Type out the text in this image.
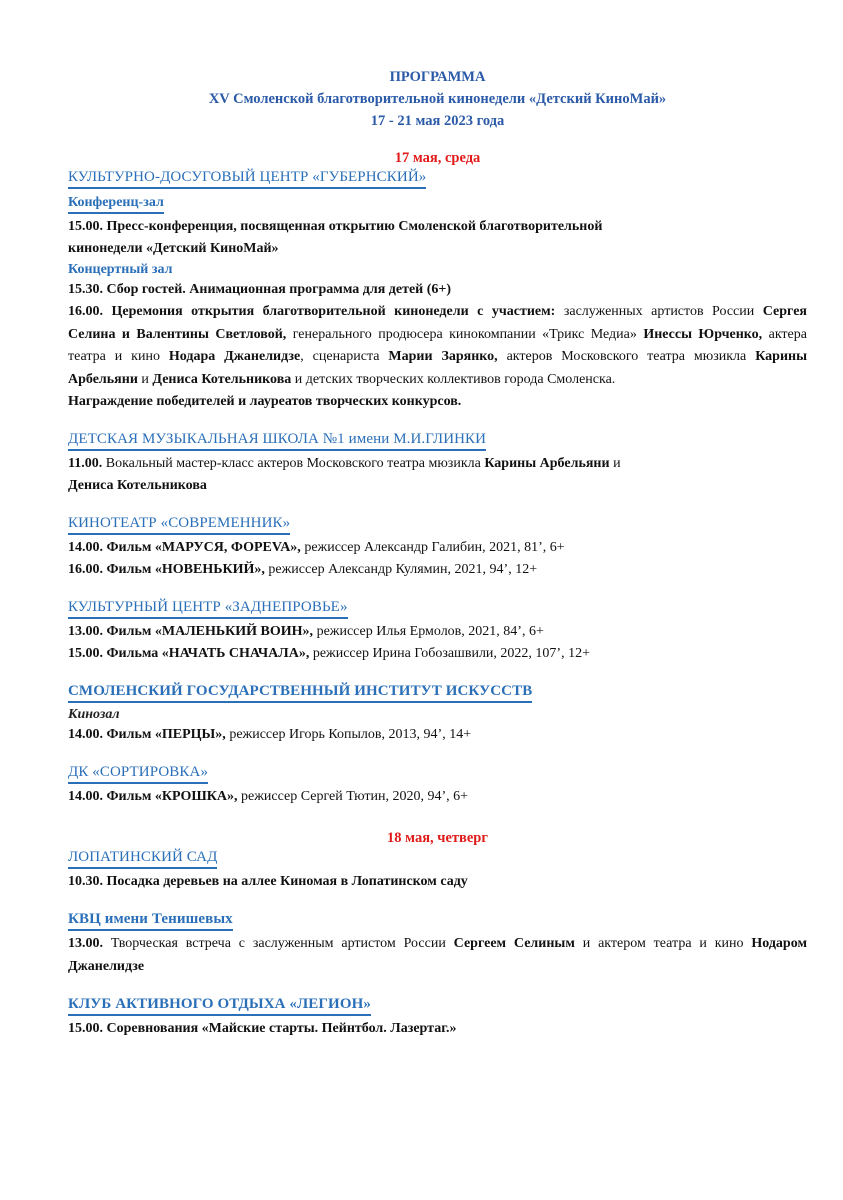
ПРОГРАММА
XV Смоленской благотворительной кинонедели «Детский КиноМай»
17 - 21 мая 2023 года
17 мая, среда
КУЛЬТУРНО-ДОСУГОВЫЙ ЦЕНТР «ГУБЕРНСКИЙ»
Конференц-зал
15.00. Пресс-конференция, посвященная открытию Смоленской благотворительной
кинонедели «Детский КиноМай»
Концертный зал
15.30. Сбор гостей. Анимационная программа для детей (6+)
16.00. Церемония открытия благотворительной кинонедели с участием: заслуженных артистов России Сергея Селина и Валентины Светловой, генерального продюсера кинокомпании «Трикс Медиа» Инессы Юрченко, актера театра и кино Нодара Джанелидзе, сценариста Марии Зарянко, актеров Московского театра мюзикла Карины Арбельяни и Дениса Котельникова и детских творческих коллективов города Смоленска.
Награждение победителей и лауреатов творческих конкурсов.
ДЕТСКАЯ МУЗЫКАЛЬНАЯ ШКОЛА №1 имени М.И.ГЛИНКИ
11.00. Вокальный мастер-класс актеров Московского театра мюзикла Карины Арбельяни и
Дениса Котельникова
КИНОТЕАТР «СОВРЕМЕННИК»
14.00. Фильм «МАРУСЯ, ФОРЕVA», режиссер Александр Галибин, 2021, 81’, 6+
16.00. Фильм «НОВЕНЬКИЙ», режиссер Александр Кулямин, 2021, 94’, 12+
КУЛЬТУРНЫЙ ЦЕНТР «ЗАДНЕПРОВЬЕ»
13.00. Фильм «МАЛЕНЬКИЙ ВОИН», режиссер Илья Ермолов, 2021, 84’, 6+
15.00. Фильма «НАЧАТЬ СНАЧАЛА», режиссер Ирина Гобозашвили, 2022, 107’, 12+
СМОЛЕНСКИЙ ГОСУДАРСТВЕННЫЙ ИНСТИТУТ ИСКУССТВ
Кинозал
14.00. Фильм «ПЕРЦЫ», режиссер Игорь Копылов, 2013, 94’, 14+
ДК «СОРТИРОВКА»
14.00. Фильм «КРОШКА», режиссер Сергей Тютин, 2020, 94’, 6+
18 мая, четверг
ЛОПАТИНСКИЙ САД
10.30. Посадка деревьев на аллее Киномая в Лопатинском саду
КВЦ имени Тенишевых
13.00. Творческая встреча с заслуженным артистом России Сергеем Селиным и актером театра и кино Нодаром Джанелидзе
КЛУБ АКТИВНОГО ОТДЫХА «ЛЕГИОН»
15.00. Соревнования «Майские старты. Пейнтбол. Лазертаг.»
